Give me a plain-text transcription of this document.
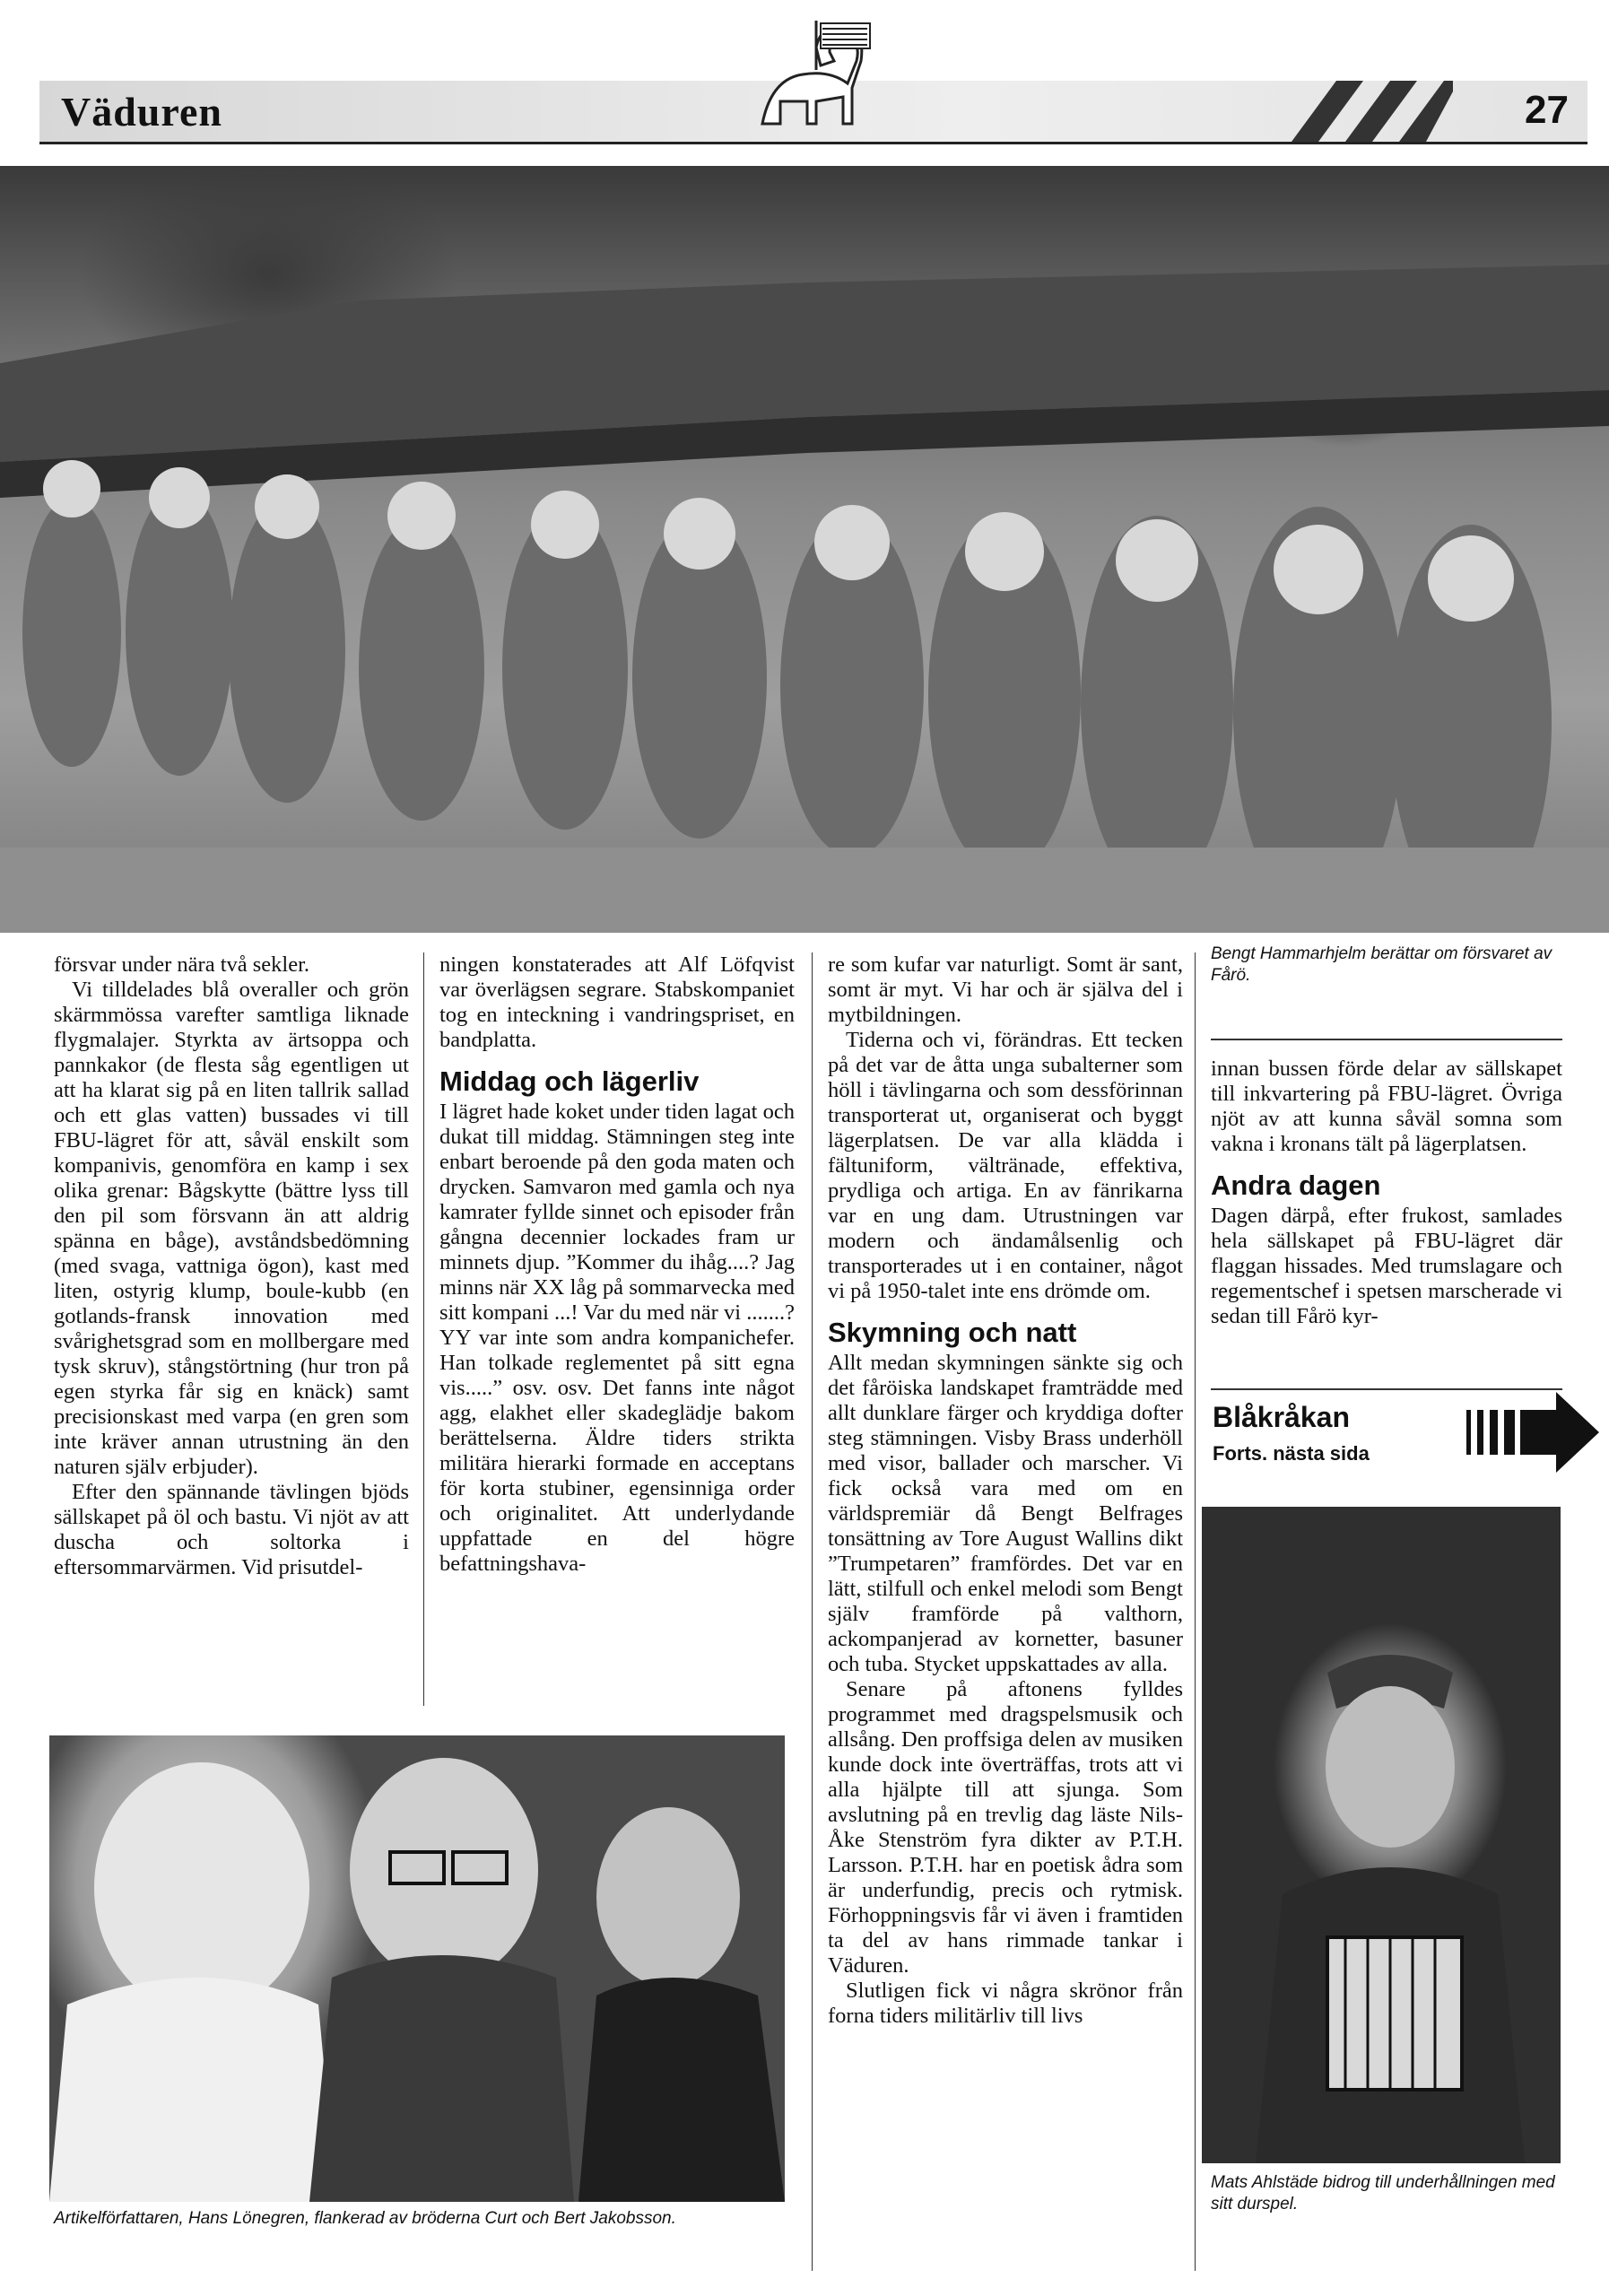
Väduren	27
Bengt Hammarhjelm berättar om försvaret av Fårö.

försvar under nära två sekler.

Vi tilldelades blå overaller och grön skärmmössa varefter samtliga liknade flygmalajer. Styrkta av ärtsoppa och pannkakor (de flesta såg egentligen ut att ha klarat sig på en liten tallrik sallad och ett glas vatten) bussades vi till FBU-lägret för att, såväl enskilt som kompanivis, genomföra en kamp i sex olika grenar: Bågskytte (bättre lyss till den pil som försvann än att aldrig spänna en båge), avståndsbedömning (med svaga, vattniga ögon), kast med liten, ostyrig klump, boule-kubb (en gotlands-fransk innovation med svårighetsgrad som en mollbergare med tysk skruv), stångstörtning (hur tron på egen styrka får sig en knäck) samt precisionskast med varpa (en gren som inte kräver annan utrustning än den naturen själv erbjuder).

Efter den spännande tävlingen bjöds sällskapet på öl och bastu. Vi njöt av att duscha och soltorka i eftersommarvärmen. Vid prisutdel-

ningen konstaterades att Alf Löfqvist var överlägsen segrare. Stabskompaniet tog en inteckning i vandringspriset, en bandplatta.

Middag och lägerliv

I lägret hade koket under tiden lagat och dukat till middag. Stämningen steg inte enbart beroende på den goda maten och drycken. Samvaron med gamla och nya kamrater fyllde sinnet och episoder från gångna decennier lockades fram ur minnets djup. ”Kommer du ihåg....? Jag minns när XX låg på sommarvecka med sitt kompani ...! Var du med när vi .......? YY var inte som andra kompanichefer. Han tolkade reglementet på sitt egna vis.....” osv. osv. Det fanns inte något agg, elakhet eller skadeglädje bakom berättelserna. Äldre tiders strikta militära hierarki formade en acceptans för korta stubiner, egensinniga order och originalitet. Att underlydande uppfattade en del högre befattningshava-

re som kufar var naturligt. Somt är sant, somt är myt. Vi har och är själva del i mytbildningen.

Tiderna och vi, förändras. Ett tecken på det var de åtta unga subalterner som höll i tävlingarna och som dessförinnan transporterat ut, organiserat och byggt lägerplatsen. De var alla klädda i fältuniform, vältränade, effektiva, prydliga och artiga. En av fänrikarna var en ung dam. Utrustningen var modern och ändamålsenlig och transporterades ut i en container, något vi på 1950-talet inte ens drömde om.

Skymning och natt

Allt medan skymningen sänkte sig och det fåröiska landskapet framträdde med allt dunklare färger och kryddiga dofter steg stämningen. Visby Brass underhöll med visor, ballader och marscher. Vi fick också vara med om en världspremiär då Bengt Belfrages tonsättning av Tore August Wallins dikt ”Trumpetaren” framfördes. Det var en lätt, stilfull och enkel melodi som Bengt själv framförde på valthorn, ackompanjerad av kornetter, basuner och tuba. Stycket uppskattades av alla.

Senare på aftonens fylldes programmet med dragspelsmusik och allsång. Den proffsiga delen av musiken kunde dock inte överträffas, trots att vi alla hjälpte till att sjunga. Som avslutning på en trevlig dag läste Nils-Åke Stenström fyra dikter av P.T.H. Larsson. P.T.H. har en poetisk ådra som är underfundig, precis och rytmisk. Förhoppningsvis får vi även i framtiden ta del av hans rimmade tankar i Väduren.

Slutligen fick vi några skrönor från forna tiders militärliv till livs

innan bussen förde delar av sällskapet till inkvartering på FBU-lägret. Övriga njöt av att kunna såväl somna som vakna i kronans tält på lägerplatsen.

Andra dagen

Dagen därpå, efter frukost, samlades hela sällskapet på FBU-lägret där flaggan hissades. Med trumslagare och regementschef i spetsen marscherade vi sedan till Fårö kyr-

Blåkråkan
Forts. nästa sida
Mats Ahlstäde bidrog till underhållningen med sitt durspel.
Artikelförfattaren, Hans Lönegren, flankerad av bröderna Curt och Bert Jakobsson.
